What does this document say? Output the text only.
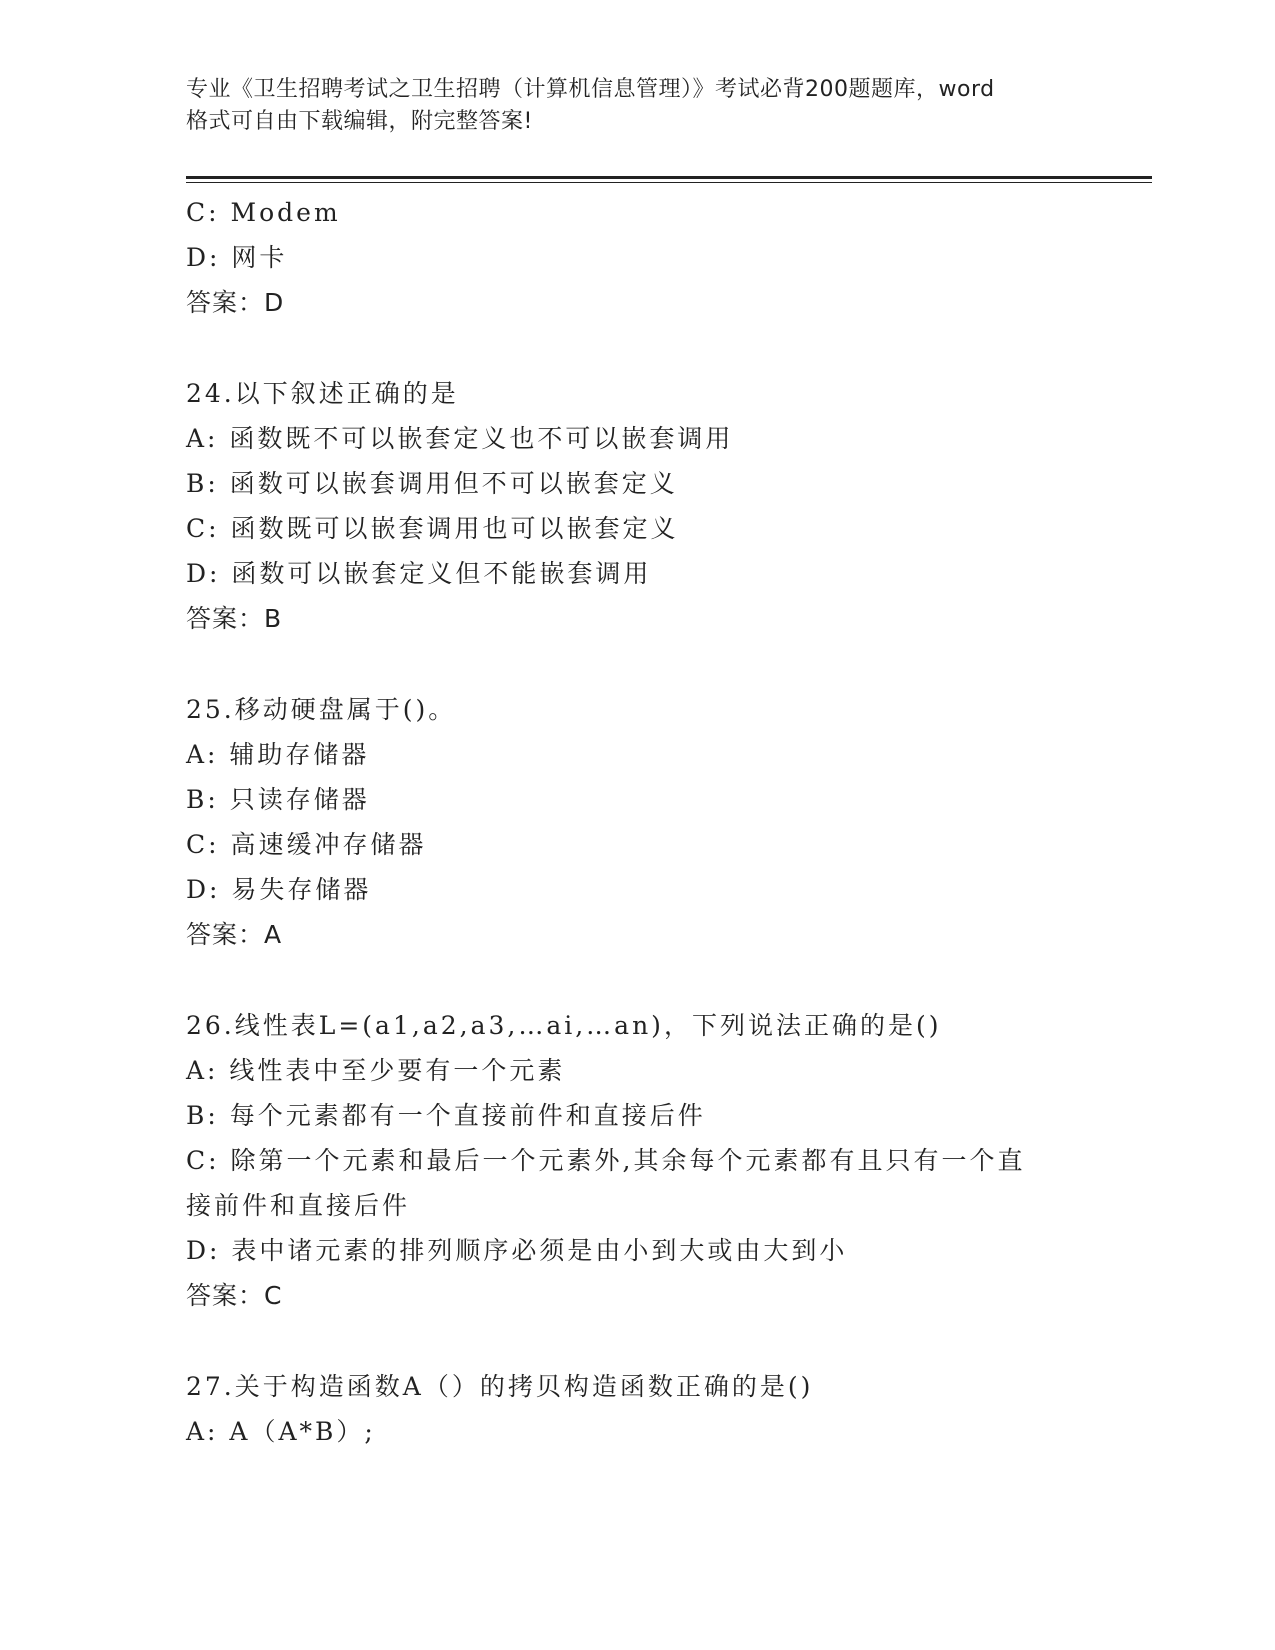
专业《卫生招聘考试之卫生招聘（计算机信息管理）》考试必背200题题库，word
格式可自由下载编辑，附完整答案!
C: Modem
D: 网卡
答案：D
24.以下叙述正确的是
A: 函数既不可以嵌套定义也不可以嵌套调用
B: 函数可以嵌套调用但不可以嵌套定义
C: 函数既可以嵌套调用也可以嵌套定义
D: 函数可以嵌套定义但不能嵌套调用
答案：B
25.移动硬盘属于()。
A: 辅助存储器
B: 只读存储器
C: 高速缓冲存储器
D: 易失存储器
答案：A
26.线性表L=(a1,a2,a3,…ai,…an)，下列说法正确的是()
A: 线性表中至少要有一个元素
B: 每个元素都有一个直接前件和直接后件
C: 除第一个元素和最后一个元素外,其余每个元素都有且只有一个直
接前件和直接后件
D: 表中诸元素的排列顺序必须是由小到大或由大到小
答案：C
27.关于构造函数A（）的拷贝构造函数正确的是()
A: A（A*B）;
